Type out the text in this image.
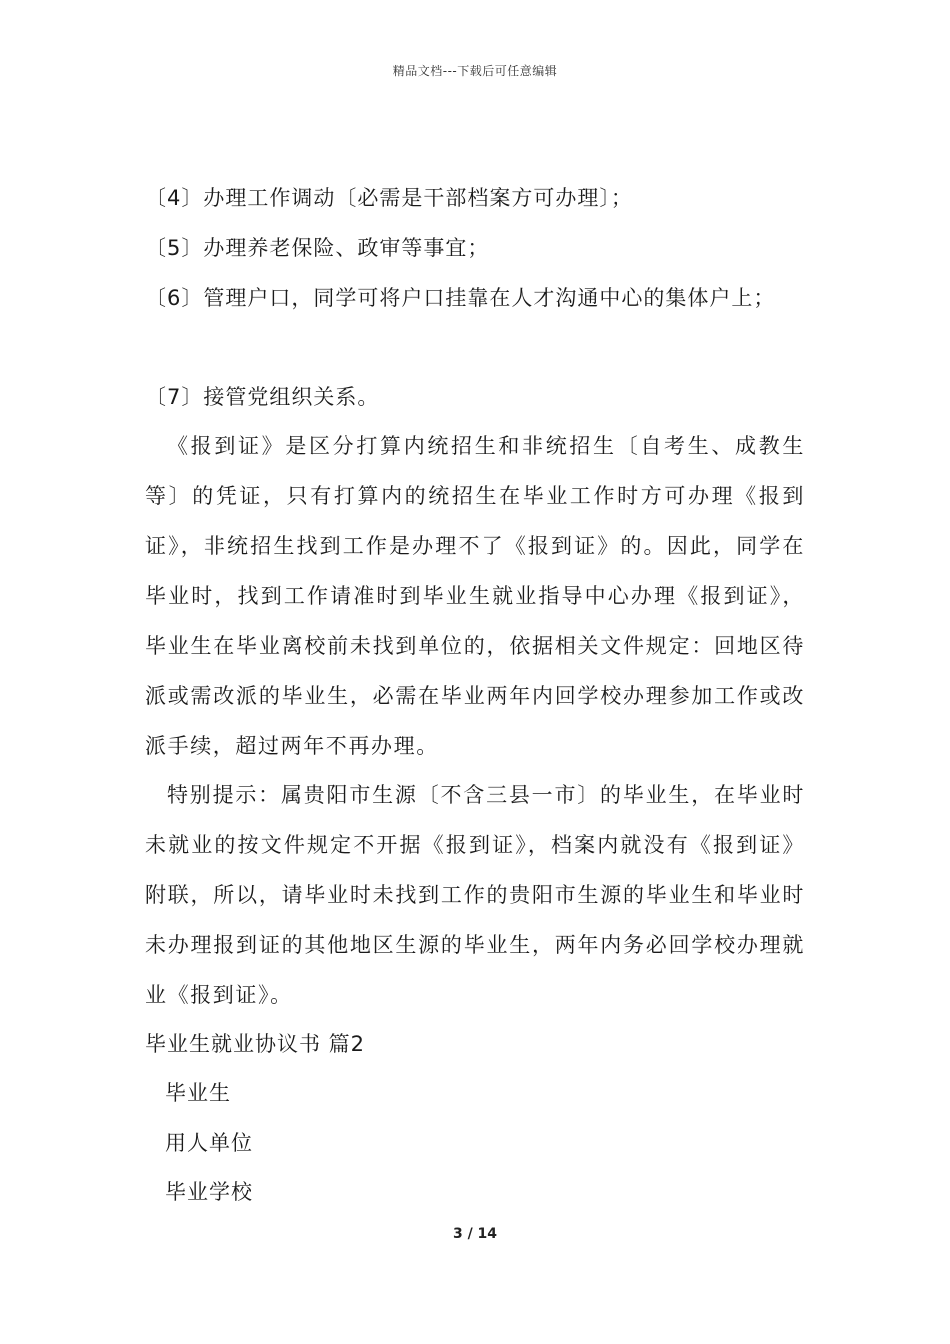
精品文档---下载后可任意编辑
〔4〕办理工作调动〔必需是干部档案方可办理〕；
〔5〕办理养老保险、政审等事宜；
〔6〕管理户口，同学可将户口挂靠在人才沟通中心的集体户上；
〔7〕接管党组织关系。
《报到证》是区分打算内统招生和非统招生〔自考生、成教生等〕的凭证，只有打算内的统招生在毕业工作时方可办理《报到证》，非统招生找到工作是办理不了《报到证》的。因此，同学在毕业时，找到工作请准时到毕业生就业指导中心办理《报到证》，毕业生在毕业离校前未找到单位的，依据相关文件规定：回地区待派或需改派的毕业生，必需在毕业两年内回学校办理参加工作或改派手续，超过两年不再办理。
特别提示：属贵阳市生源〔不含三县一市〕的毕业生，在毕业时未就业的按文件规定不开据《报到证》，档案内就没有《报到证》附联，所以，请毕业时未找到工作的贵阳市生源的毕业生和毕业时未办理报到证的其他地区生源的毕业生，两年内务必回学校办理就业《报到证》。
毕业生就业协议书 篇2
毕业生
用人单位
毕业学校
3 / 14
